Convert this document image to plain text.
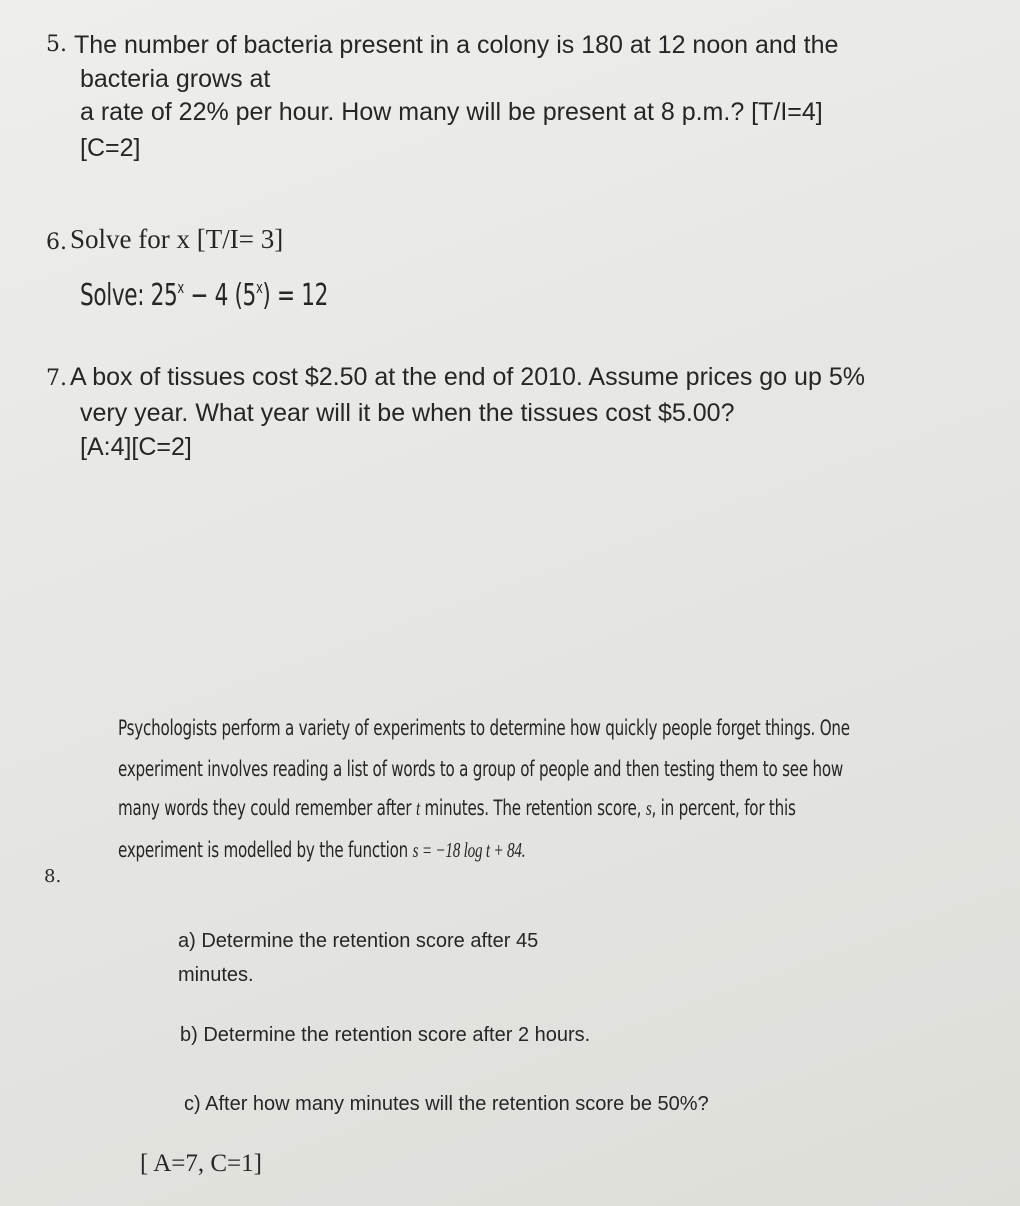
5. The number of bacteria present in a colony is 180 at 12 noon and the
bacteria grows at
a rate of 22% per hour. How many will be present at 8 p.m.? [T/I=4]
[C=2]
6. Solve for x [T/I= 3]
Solve: $25^x - 4$ $(5^x) = 12$
7. A box of tissues cost $2.50 at the end of 2010. Assume prices go up 5%
very year. What year will it be when the tissues cost $5.00?
[A:4][C=2]
8.
Psychologists perform a variety of experiments to determine how quickly people forget things. One
experiment involves reading a list of words to a group of people and then testing them to see how
many words they could remember after t minutes. The retention score, s, in percent, for this
experiment is modelled by the function s = −18 log t + 84.
a) Determine the retention score after 45
minutes.
b) Determine the retention score after 2 hours.
c) After how many minutes will the retention score be 50%?
[ A=7, C=1]
